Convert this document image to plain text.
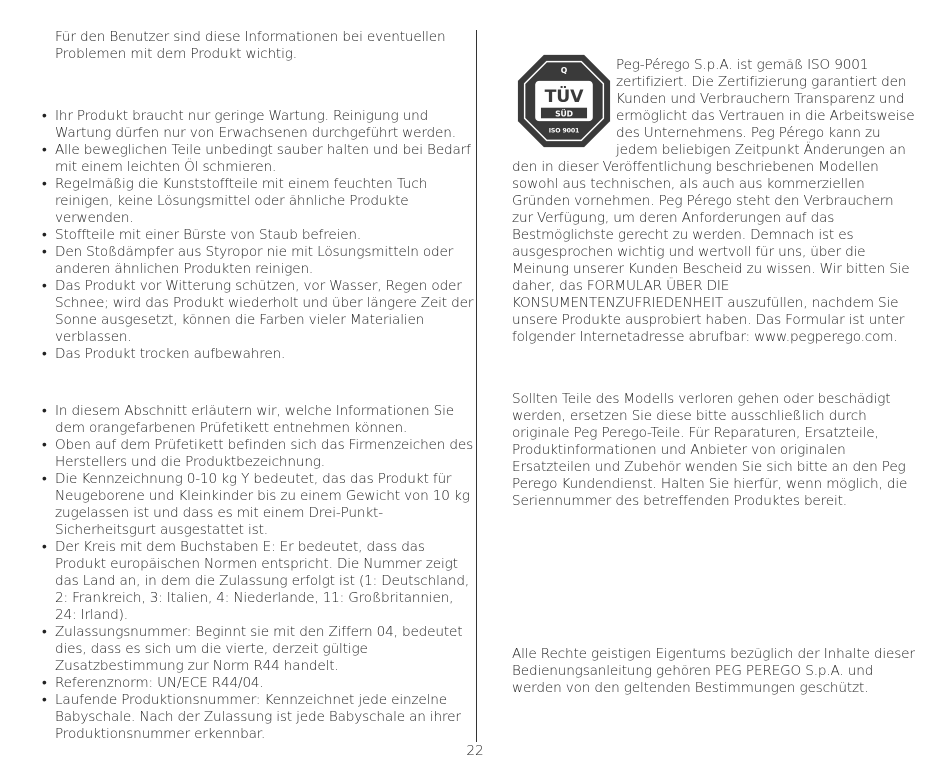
Für den Benutzer sind diese Informationen bei eventuellen Problemen mit dem Produkt wichtig.

• Ihr Produkt braucht nur geringe Wartung. Reinigung und Wartung dürfen nur von Erwachsenen durchgeführt werden.
• Alle beweglichen Teile unbedingt sauber halten und bei Bedarf mit einem leichten Öl schmieren.
• Regelmäßig die Kunststoffteile mit einem feuchten Tuch reinigen, keine Lösungsmittel oder ähnliche Produkte verwenden.
• Stoffteile mit einer Bürste von Staub befreien.
• Den Stoßdämpfer aus Styropor nie mit Lösungsmitteln oder anderen ähnlichen Produkten reinigen.
• Das Produkt vor Witterung schützen, vor Wasser, Regen oder Schnee; wird das Produkt wiederholt und über längere Zeit der Sonne ausgesetzt, können die Farben vieler Materialien verblassen.
• Das Produkt trocken aufbewahren.
• In diesem Abschnitt erläutern wir, welche Informationen Sie dem orangefarbenen Prüfetikett entnehmen können.
• Oben auf dem Prüfetikett befinden sich das Firmenzeichen des Herstellers und die Produktbezeichnung.
• Die Kennzeichnung 0-10 kg Y bedeutet, das das Produkt für Neugeborene und Kleinkinder bis zu einem Gewicht von 10 kg zugelassen ist und dass es mit einem Drei-Punkt-Sicherheitsgurt ausgestattet ist.
• Der Kreis mit dem Buchstaben E: Er bedeutet, dass das Produkt europäischen Normen entspricht. Die Nummer zeigt das Land an, in dem die Zulassung erfolgt ist (1: Deutschland, 2: Frankreich, 3: Italien, 4: Niederlande, 11: Großbritannien, 24: Irland).
• Zulassungsnummer: Beginnt sie mit den Ziffern 04, bedeutet dies, dass es sich um die vierte, derzeit gültige Zusatzbestimmung zur Norm R44 handelt.
• Referenznorm: UN/ECE R44/04.
• Laufende Produktionsnummer: Kennzeichnet jede einzelne Babyschale. Nach der Zulassung ist jede Babyschale an ihrer Produktionsnummer erkennbar.
Q
TÜV
SÜD
ISO 9001

Peg-Pérego S.p.A. ist gemäß ISO 9001 zertifiziert. Die Zertifizierung garantiert den Kunden und Verbrauchern Transparenz und ermöglicht das Vertrauen in die Arbeitsweise des Unternehmens. Peg Pérego kann zu jedem beliebigen Zeitpunkt Änderungen an den in dieser Veröffentlichung beschriebenen Modellen sowohl aus technischen, als auch aus kommerziellen Gründen vornehmen. Peg Pérego steht den Verbrauchern zur Verfügung, um deren Anforderungen auf das Bestmöglichste gerecht zu werden. Demnach ist es ausgesprochen wichtig und wertvoll für uns, über die Meinung unserer Kunden Bescheid zu wissen. Wir bitten Sie daher, das FORMULAR ÜBER DIE KONSUMENTENZUFRIEDENHEIT auszufüllen, nachdem Sie unsere Produkte ausprobiert haben. Das Formular ist unter folgender Internetadresse abrufbar: www.pegperego.com.

Sollten Teile des Modells verloren gehen oder beschädigt werden, ersetzen Sie diese bitte ausschließlich durch originale Peg Perego-Teile. Für Reparaturen, Ersatzteile, Produktinformationen und Anbieter von originalen Ersatzteilen und Zubehör wenden Sie sich bitte an den Peg Perego Kundendienst. Halten Sie hierfür, wenn möglich, die Seriennummer des betreffenden Produktes bereit.

Alle Rechte geistigen Eigentums bezüglich der Inhalte dieser Bedienungsanleitung gehören PEG PEREGO S.p.A. und werden von den geltenden Bestimmungen geschützt.

22
